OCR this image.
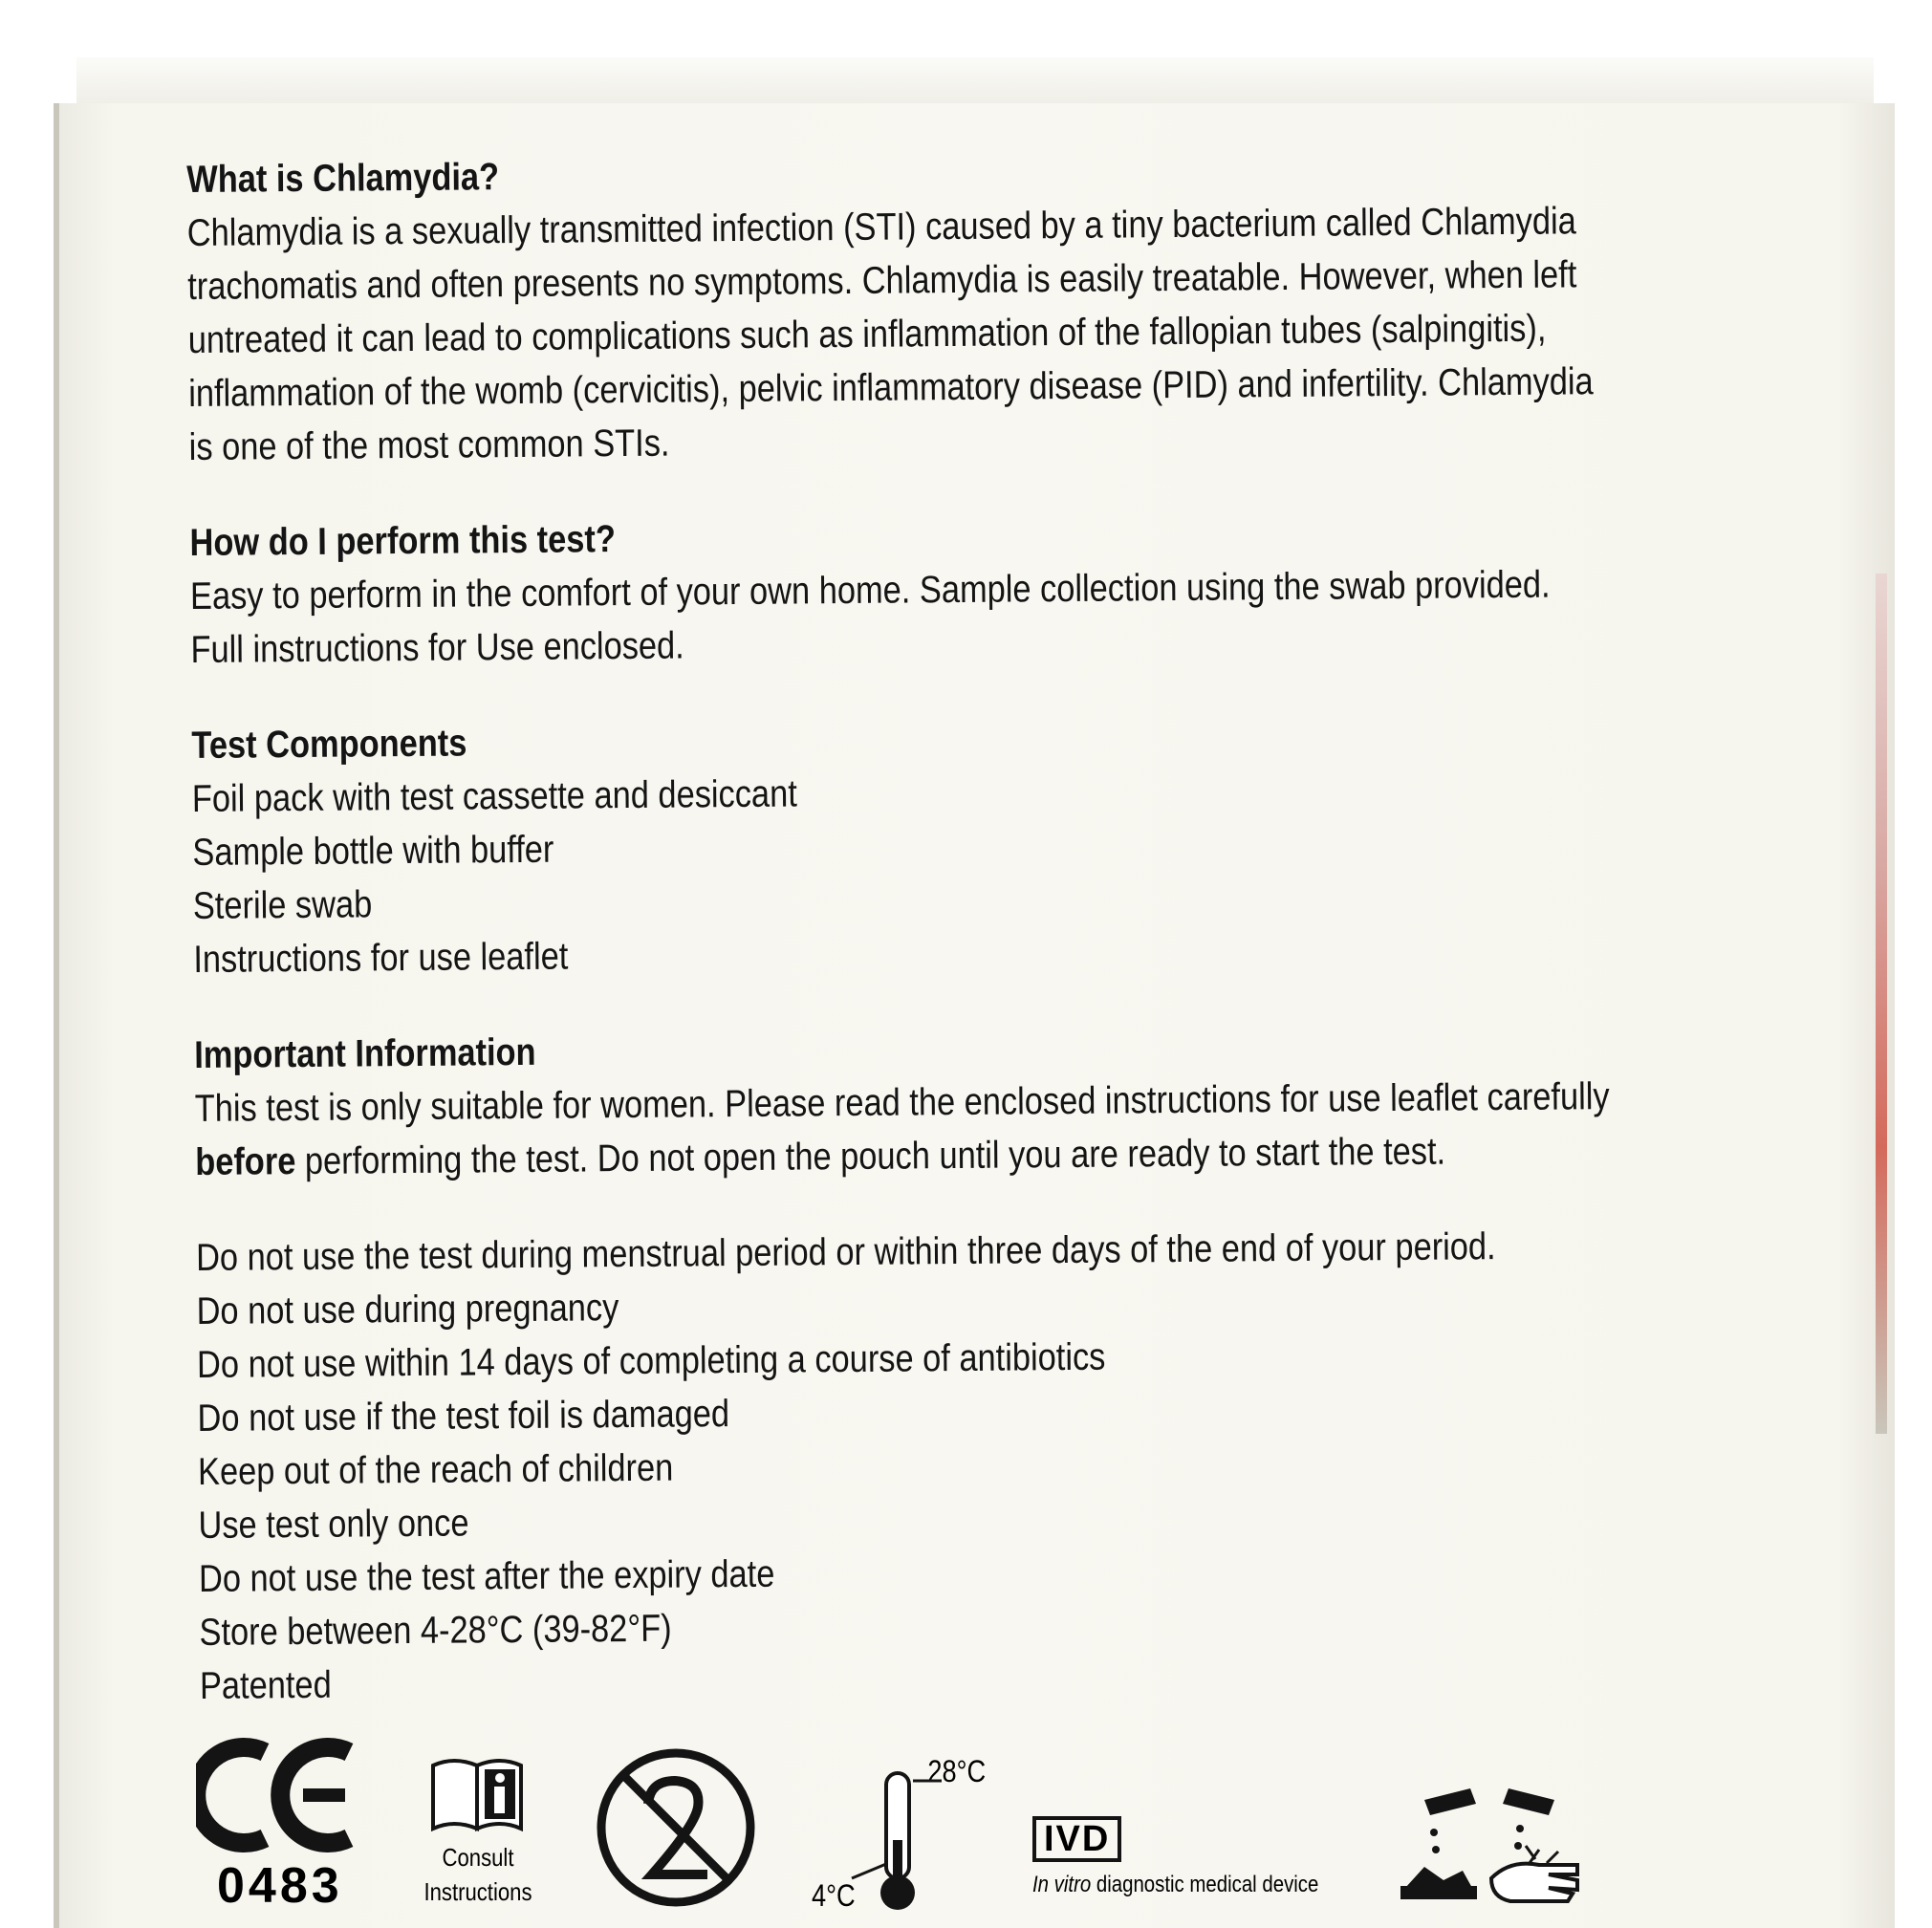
What is Chlamydia?
Chlamydia is a sexually transmitted infection (STI) caused by a tiny bacterium called Chlamydia
trachomatis and often presents no symptoms. Chlamydia is easily treatable. However, when left
untreated it can lead to complications such as inflammation of the fallopian tubes (salpingitis),
inflammation of the womb (cervicitis), pelvic inflammatory disease (PID) and infertility. Chlamydia
is one of the most common STIs.
How do I perform this test?
Easy to perform in the comfort of your own home. Sample collection using the swab provided.
Full instructions for Use enclosed.
Test Components
Foil pack with test cassette and desiccant
Sample bottle with buffer
Sterile swab
Instructions for use leaflet
Important Information
This test is only suitable for women. Please read the enclosed instructions for use leaflet carefully
before performing the test. Do not open the pouch until you are ready to start the test.
Do not use the test during menstrual period or within three days of the end of your period.
Do not use during pregnancy
Do not use within 14 days of completing a course of antibiotics
Do not use if the test foil is damaged
Keep out of the reach of children
Use test only once
Do not use the test after the expiry date
Store between 4-28°C (39-82°F)
Patented
0483
Consult
Instructions
28°C
4°C
IVD
In vitro diagnostic medical device
